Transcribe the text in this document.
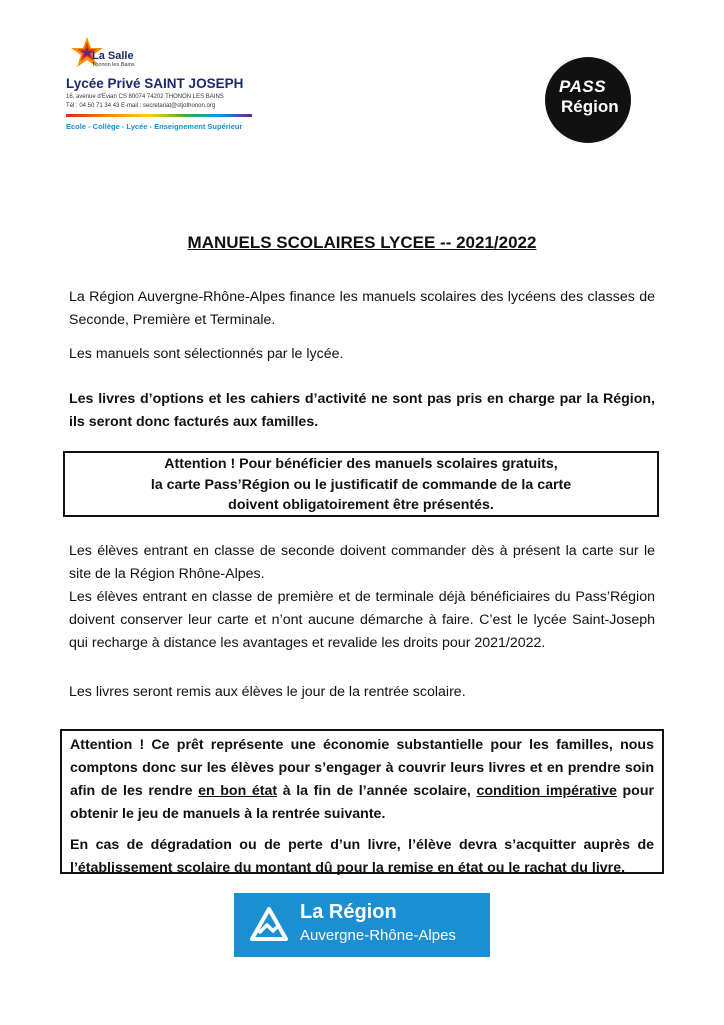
La Salle
Thonon les Bains
Lycée Privé SAINT JOSEPH
16, avenue d'Evian CS 80074 74202 THONON LES BAINS
Tél : 04 50 71 34 43 E-mail : secretariat@stjothonon.org
Ecole - Collège - Lycée - Enseignement Supérieur
PASS
Région
MANUELS SCOLAIRES LYCEE -- 2021/2022
La Région Auvergne-Rhône-Alpes finance les manuels scolaires des lycéens des classes de Seconde, Première et Terminale.
Les manuels sont sélectionnés par le lycée.
Les livres d’options et les cahiers d’activité ne sont pas pris en charge par la Région, ils seront donc facturés aux familles.
Attention ! Pour bénéficier des manuels scolaires gratuits,
la carte Pass’Région ou le justificatif de commande de la carte
doivent obligatoirement être présentés.
Les élèves entrant en classe de seconde doivent commander dès à présent la carte sur le site de la Région Rhône-Alpes.
Les élèves entrant en classe de première et de terminale déjà bénéficiaires du Pass’Région doivent conserver leur carte et n’ont aucune démarche à faire. C’est le lycée Saint-Joseph qui recharge à distance les avantages et revalide les droits pour 2021/2022.
Les livres seront remis aux élèves le jour de la rentrée scolaire.

Attention ! Ce prêt représente une économie substantielle pour les familles, nous comptons donc sur les élèves pour s’engager à couvrir leurs livres et en prendre soin afin de les rendre en bon état à la fin de l’année scolaire, condition impérative pour obtenir le jeu de manuels à la rentrée suivante.

En cas de dégradation ou de perte d’un livre, l’élève devra s’acquitter auprès de l’établissement scolaire du montant dû pour la remise en état ou le rachat du livre.

La Région
Auvergne-Rhône-Alpes
